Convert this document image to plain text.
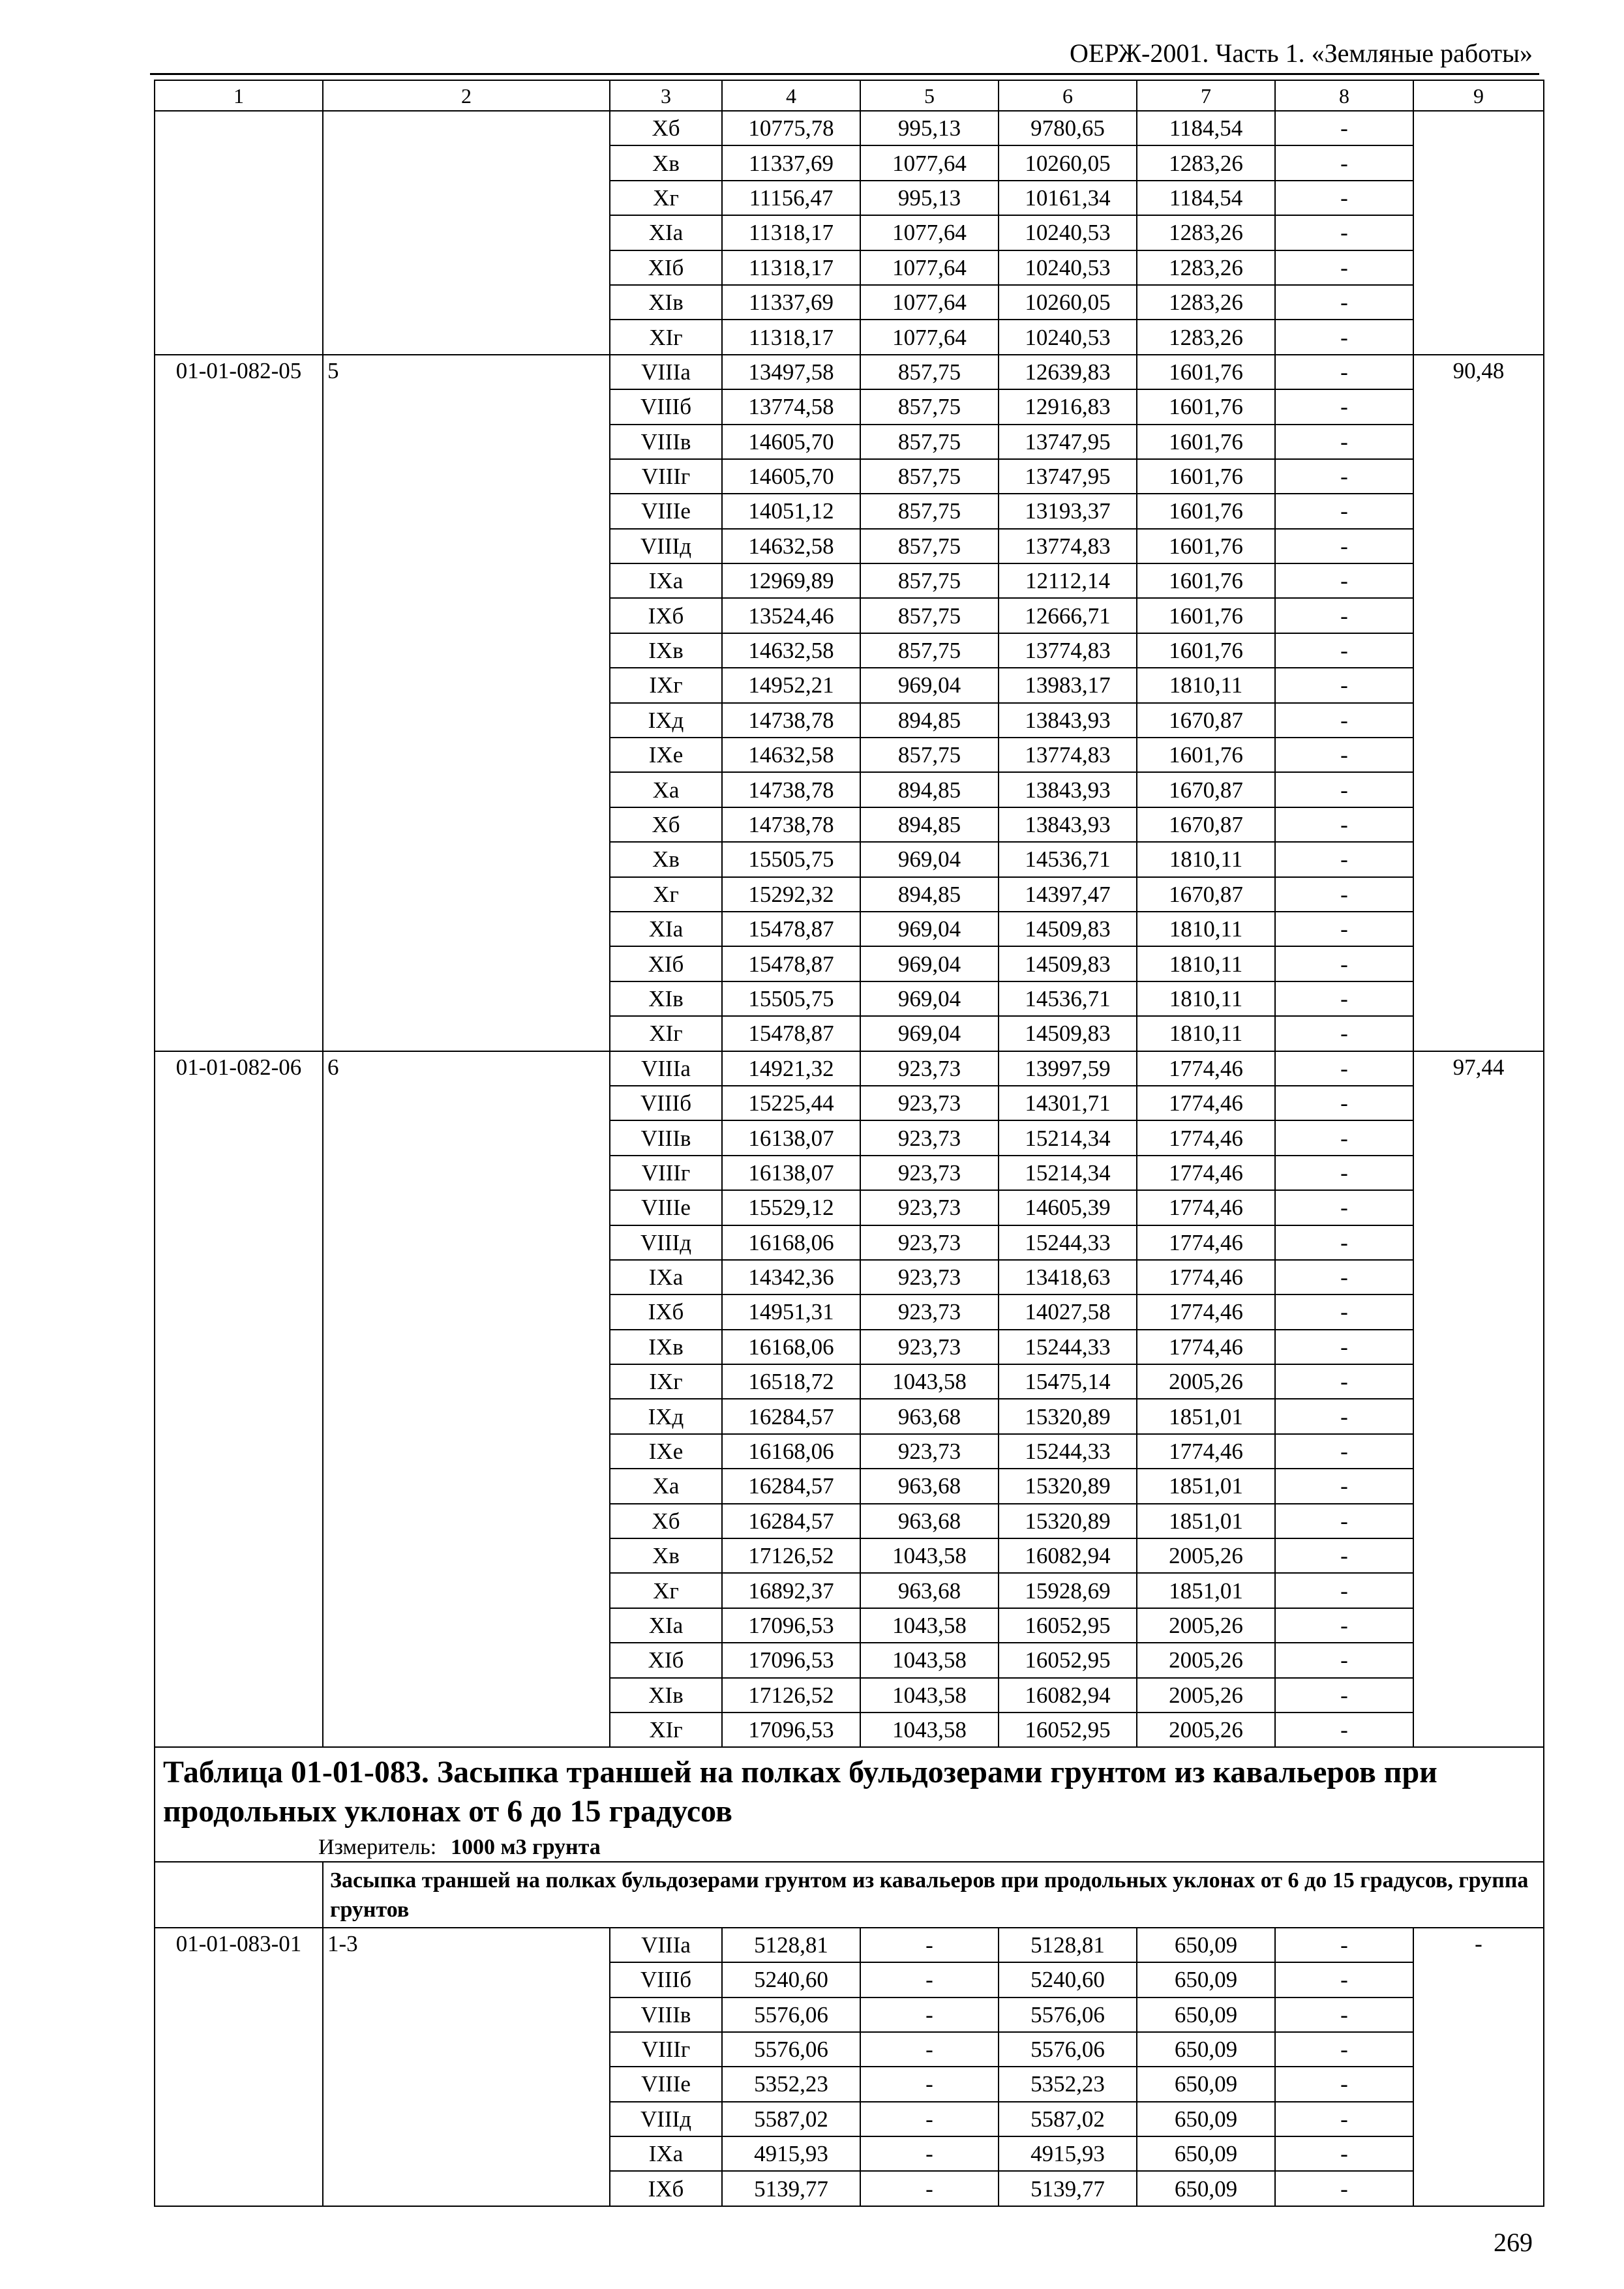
ОЕРЖ-2001. Часть 1. «Земляные работы»
1	2	3	4	5	6	7	8	9
		Хб	10775,78	995,13	9780,65	1184,54	-	
		Хв	11337,69	1077,64	10260,05	1283,26	-	
		Хг	11156,47	995,13	10161,34	1184,54	-	
		ХIа	11318,17	1077,64	10240,53	1283,26	-	
		ХIб	11318,17	1077,64	10240,53	1283,26	-	
		ХIв	11337,69	1077,64	10260,05	1283,26	-	
		ХIг	11318,17	1077,64	10240,53	1283,26	-	
01-01-082-05	5	VIIIа	13497,58	857,75	12639,83	1601,76	-	90,48
		VIIIб	13774,58	857,75	12916,83	1601,76	-	
		VIIIв	14605,70	857,75	13747,95	1601,76	-	
		VIIIг	14605,70	857,75	13747,95	1601,76	-	
		VIIIе	14051,12	857,75	13193,37	1601,76	-	
		VIIIд	14632,58	857,75	13774,83	1601,76	-	
		IХа	12969,89	857,75	12112,14	1601,76	-	
		IХб	13524,46	857,75	12666,71	1601,76	-	
		IХв	14632,58	857,75	13774,83	1601,76	-	
		IХг	14952,21	969,04	13983,17	1810,11	-	
		IХд	14738,78	894,85	13843,93	1670,87	-	
		IХе	14632,58	857,75	13774,83	1601,76	-	
		Ха	14738,78	894,85	13843,93	1670,87	-	
		Хб	14738,78	894,85	13843,93	1670,87	-	
		Хв	15505,75	969,04	14536,71	1810,11	-	
		Хг	15292,32	894,85	14397,47	1670,87	-	
		ХIа	15478,87	969,04	14509,83	1810,11	-	
		ХIб	15478,87	969,04	14509,83	1810,11	-	
		ХIв	15505,75	969,04	14536,71	1810,11	-	
		ХIг	15478,87	969,04	14509,83	1810,11	-	
01-01-082-06	6	VIIIа	14921,32	923,73	13997,59	1774,46	-	97,44
		VIIIб	15225,44	923,73	14301,71	1774,46	-	
		VIIIв	16138,07	923,73	15214,34	1774,46	-	
		VIIIг	16138,07	923,73	15214,34	1774,46	-	
		VIIIе	15529,12	923,73	14605,39	1774,46	-	
		VIIIд	16168,06	923,73	15244,33	1774,46	-	
		IХа	14342,36	923,73	13418,63	1774,46	-	
		IХб	14951,31	923,73	14027,58	1774,46	-	
		IХв	16168,06	923,73	15244,33	1774,46	-	
		IХг	16518,72	1043,58	15475,14	2005,26	-	
		IХд	16284,57	963,68	15320,89	1851,01	-	
		IХе	16168,06	923,73	15244,33	1774,46	-	
		Ха	16284,57	963,68	15320,89	1851,01	-	
		Хб	16284,57	963,68	15320,89	1851,01	-	
		Хв	17126,52	1043,58	16082,94	2005,26	-	
		Хг	16892,37	963,68	15928,69	1851,01	-	
		ХIа	17096,53	1043,58	16052,95	2005,26	-	
		ХIб	17096,53	1043,58	16052,95	2005,26	-	
		ХIв	17126,52	1043,58	16082,94	2005,26	-	
		ХIг	17096,53	1043,58	16052,95	2005,26	-	

Таблица 01-01-083. Засыпка траншей на полках бульдозерами грунтом из кавальеров при продольных уклонах от 6 до 15 градусов
Измеритель: 1000 м3 грунта								

	Засыпка траншей на полках бульдозерами грунтом из кавальеров при продольных уклонах от 6 до 15 градусов, группа грунтов							
01-01-083-01	1-3	VIIIа	5128,81	-	5128,81	650,09	-	-
		VIIIб	5240,60	-	5240,60	650,09	-	
		VIIIв	5576,06	-	5576,06	650,09	-	
		VIIIг	5576,06	-	5576,06	650,09	-	
		VIIIе	5352,23	-	5352,23	650,09	-	
		VIIIд	5587,02	-	5587,02	650,09	-	
		IХа	4915,93	-	4915,93	650,09	-	
		IХб	5139,77	-	5139,77	650,09	-	
269
